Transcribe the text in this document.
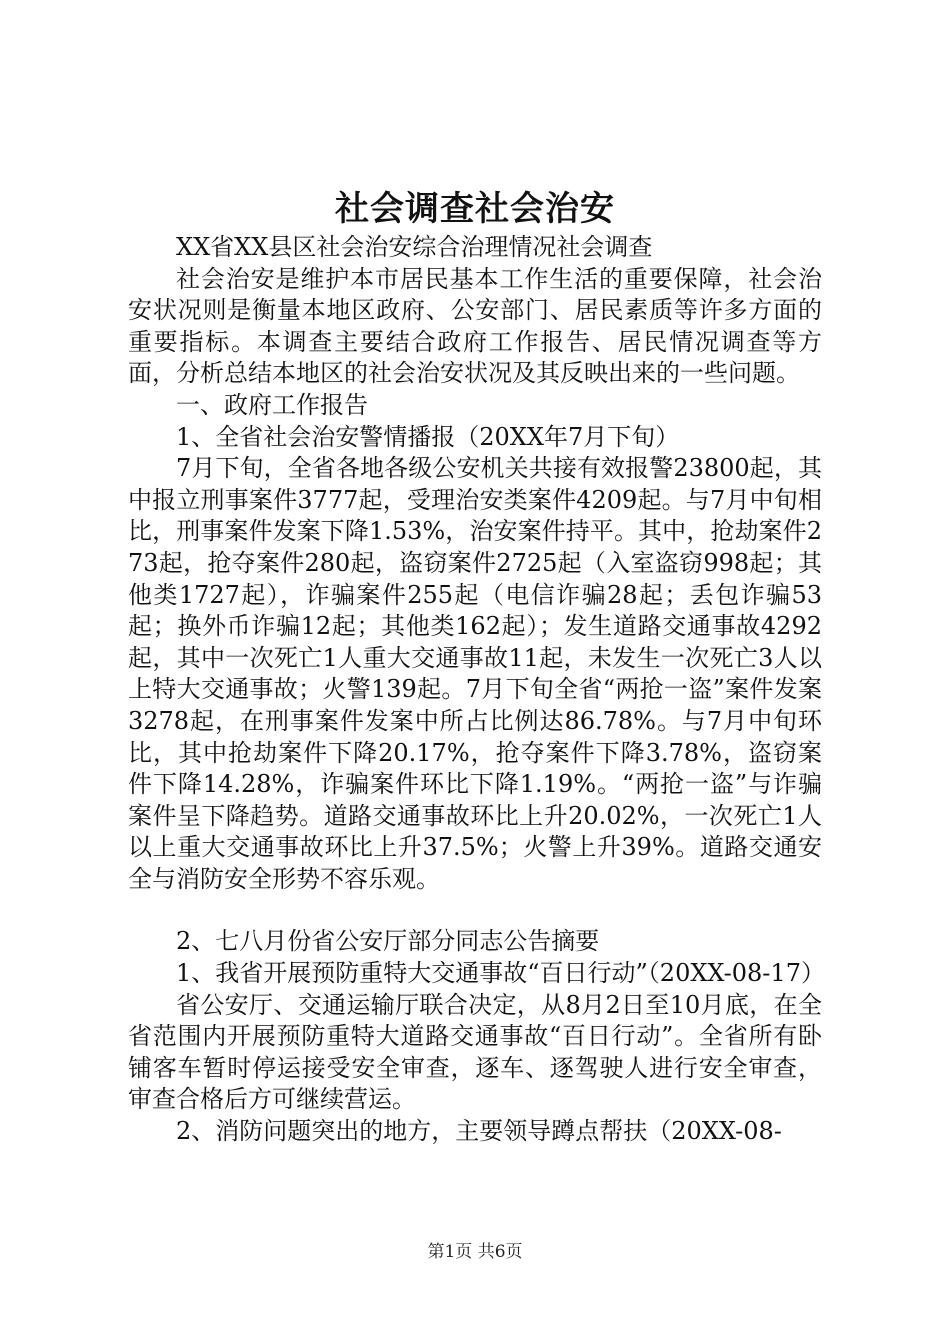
社会调查社会治安

XX省XX县区社会治安综合治理情况社会调查

社会治安是维护本市居民基本工作生活的重要保障，社会治安状况则是衡量本地区政府、公安部门、居民素质等许多方面的重要指标。本调查主要结合政府工作报告、居民情况调查等方面，分析总结本地区的社会治安状况及其反映出来的一些问题。

一、政府工作报告

1、全省社会治安警情播报（20XX年7月下旬）

7月下旬，全省各地各级公安机关共接有效报警23800起，其中报立刑事案件3777起，受理治安类案件4209起。与7月中旬相比，刑事案件发案下降1.53%，治安案件持平。其中，抢劫案件273起，抢夺案件280起，盗窃案件2725起（入室盗窃998起；其他类1727起），诈骗案件255起（电信诈骗28起；丢包诈骗53起；换外币诈骗12起；其他类162起）；发生道路交通事故4292起，其中一次死亡1人重大交通事故11起，未发生一次死亡3人以上特大交通事故；火警139起。7月下旬全省“两抢一盗”案件发案3278起，在刑事案件发案中所占比例达86.78%。与7月中旬环比，其中抢劫案件下降20.17%，抢夺案件下降3.78%，盗窃案件下降14.28%，诈骗案件环比下降1.19%。“两抢一盗”与诈骗案件呈下降趋势。道路交通事故环比上升20.02%，一次死亡1人以上重大交通事故环比上升37.5%；火警上升39%。道路交通安全与消防安全形势不容乐观。

2、七八月份省公安厅部分同志公告摘要

1、我省开展预防重特大交通事故“百日行动”（20XX-08-17）

省公安厅、交通运输厅联合决定，从8月2日至10月底，在全省范围内开展预防重特大道路交通事故“百日行动”。全省所有卧铺客车暂时停运接受安全审查，逐车、逐驾驶人进行安全审查，审查合格后方可继续营运。

2、消防问题突出的地方，主要领导蹲点帮扶（20XX-08-

第1页 共6页
